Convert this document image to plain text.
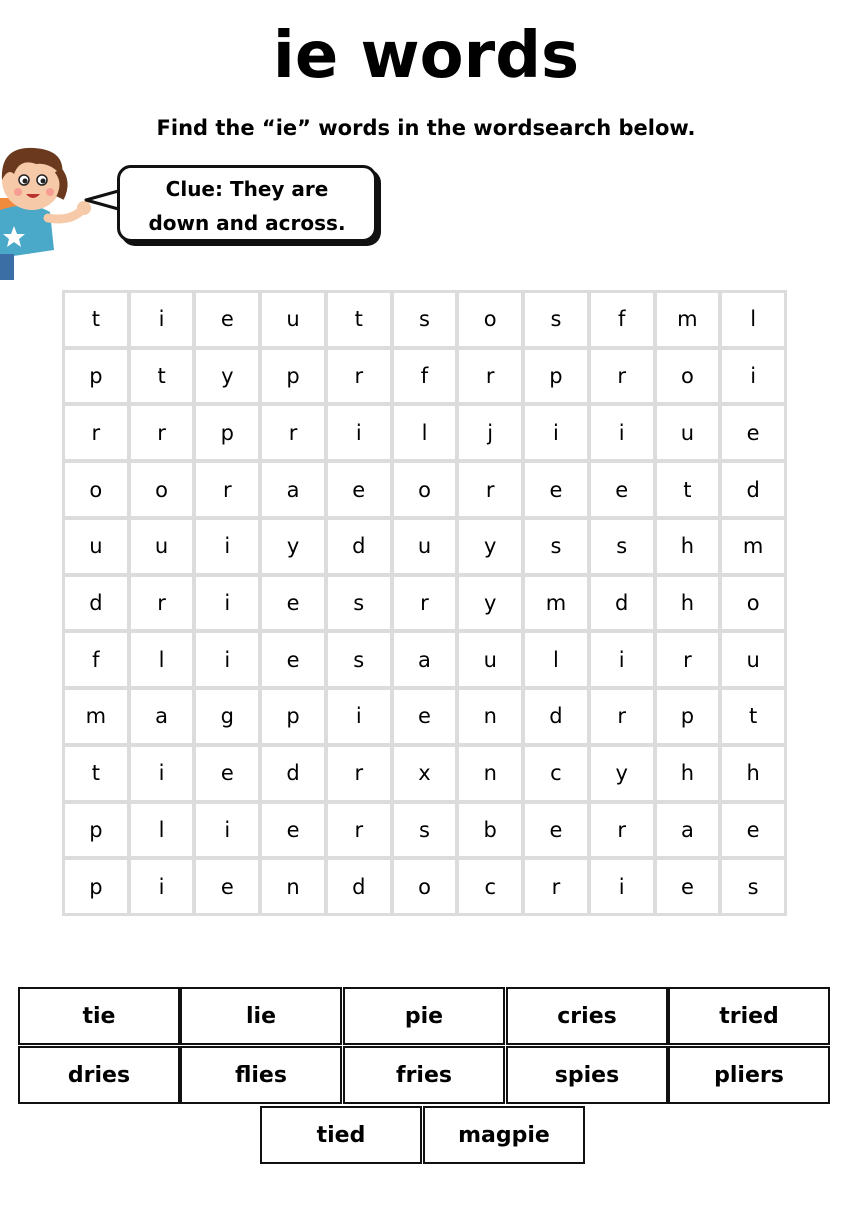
ie words
Find the “ie” words in the wordsearch below.
Clue: They are
down and across.
t	i	e	u	t	s	o	s	f	m	l
p	t	y	p	r	f	r	p	r	o	i
r	r	p	r	i	l	j	i	i	u	e
o	o	r	a	e	o	r	e	e	t	d
u	u	i	y	d	u	y	s	s	h	m
d	r	i	e	s	r	y	m	d	h	o
f	l	i	e	s	a	u	l	i	r	u
m	a	g	p	i	e	n	d	r	p	t
t	i	e	d	r	x	n	c	y	h	h
p	l	i	e	r	s	b	e	r	a	e
p	i	e	n	d	o	c	r	i	e	s
tie	lie	pie	cries	tried
dries	flies	fries	spies	pliers
tied	magpie
